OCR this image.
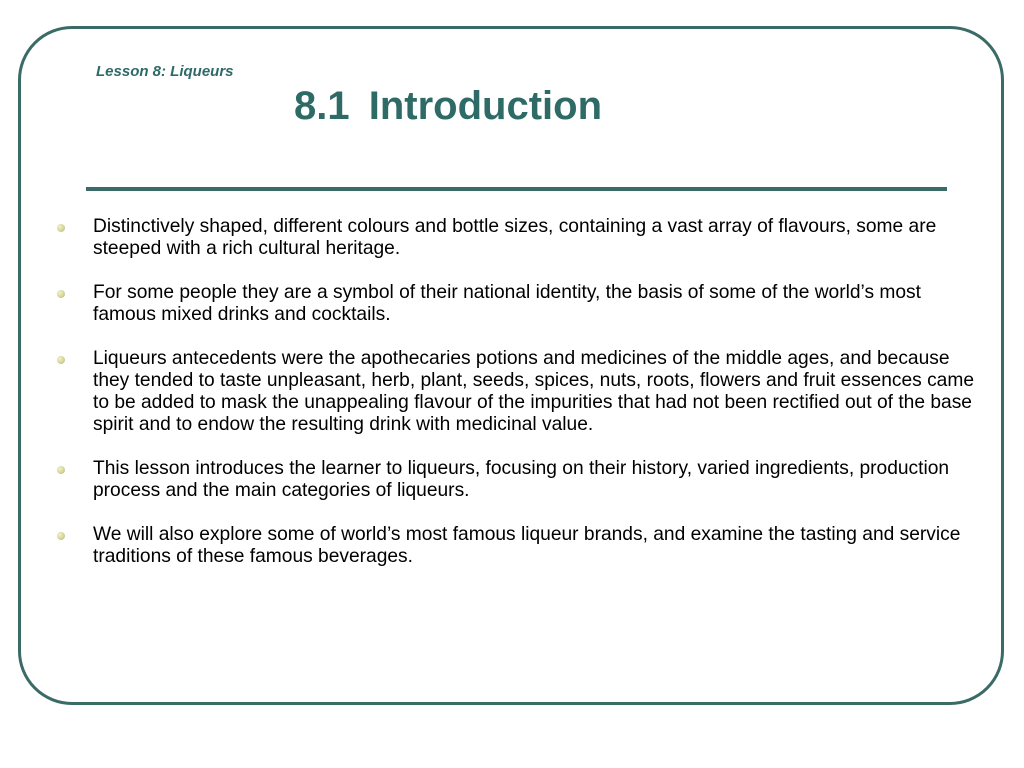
Lesson 8: Liqueurs
8.1 Introduction
Distinctively shaped, different colours and bottle sizes, containing a vast array of flavours, some are steeped with a rich cultural heritage.
For some people they are a symbol of their national identity, the basis of some of the world’s most famous mixed drinks and cocktails.
Liqueurs antecedents were the apothecaries potions and medicines of the middle ages, and because they tended to taste unpleasant, herb, plant, seeds, spices, nuts, roots, flowers and fruit essences came to be added to mask the unappealing flavour of the impurities that had not been rectified out of the base spirit and to endow the resulting drink with medicinal value.
This lesson introduces the learner to liqueurs, focusing on their history, varied ingredients, production process and the main categories of liqueurs.
We will also explore some of world’s most famous liqueur brands, and examine the tasting and service traditions of these famous beverages.
